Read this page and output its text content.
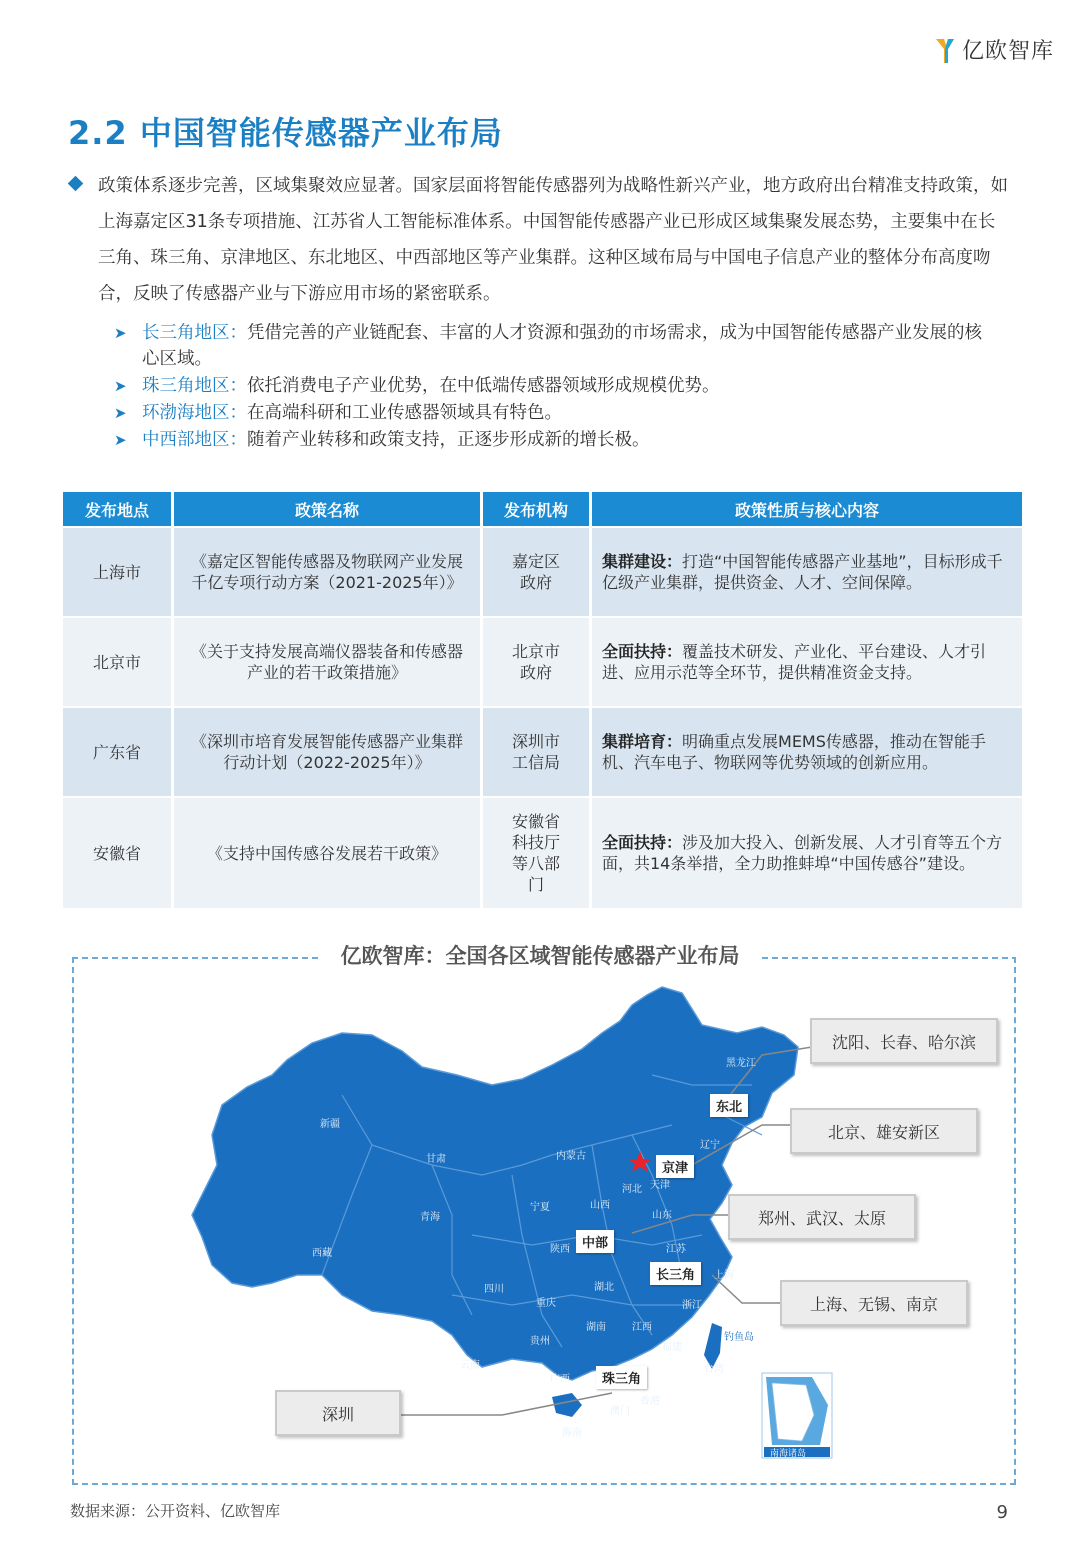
亿欧智库
2.2 中国智能传感器产业布局
政策体系逐步完善，区域集聚效应显著。国家层面将智能传感器列为战略性新兴产业，地方政府出台精准支持政策，如上海嘉定区31条专项措施、江苏省人工智能标准体系。中国智能传感器产业已形成区域集聚发展态势，主要集中在长三角、珠三角、京津地区、东北地区、中西部地区等产业集群。这种区域布局与中国电子信息产业的整体分布高度吻合，反映了传感器产业与下游应用市场的紧密联系。
➤ 长三角地区：凭借完善的产业链配套、丰富的人才资源和强劲的市场需求，成为中国智能传感器产业发展的核心区域。
➤ 珠三角地区：依托消费电子产业优势，在中低端传感器领域形成规模优势。
➤ 环渤海地区：在高端科研和工业传感器领域具有特色。
➤ 中西部地区：随着产业转移和政策支持，正逐步形成新的增长极。
发布地点	政策名称	发布机构	政策性质与核心内容
上海市	《嘉定区智能传感器及物联网产业发展千亿专项行动方案（2021-2025年）》	嘉定区政府	集群建设：打造“中国智能传感器产业基地”，目标形成千亿级产业集群，提供资金、人才、空间保障。
北京市	《关于支持发展高端仪器装备和传感器产业的若干政策措施》	北京市政府	全面扶持：覆盖技术研发、产业化、平台建设、人才引进、应用示范等全环节，提供精准资金支持。
广东省	《深圳市培育发展智能传感器产业集群行动计划（2022-2025年）》	深圳市工信局	集群培育：明确重点发展MEMS传感器，推动在智能手机、汽车电子、物联网等优势领域的创新应用。
安徽省	《支持中国传感谷发展若干政策》	安徽省科技厅等八部门	全面扶持：涉及加大投入、创新发展、人才引育等五个方面，共14条举措，全力助推蚌埠“中国传感谷”建设。
亿欧智库：全国各区域智能传感器产业布局
东北
京津
中部
长三角
珠三角
新疆
西藏
青海
甘肃	内蒙古
黑龙江
辽宁
山西
河北
山东
陕西
宁夏
四川	湖北
江苏
上海
重庆	浙江
湖南	江西
贵州
福建
云南
广西
台湾
澳门
香港
海南
钓鱼岛
天津
南海诸岛
沈阳、长春、哈尔滨
北京、雄安新区
郑州、武汉、太原
上海、无锡、南京
深圳
数据来源：公开资料、亿欧智库	9
